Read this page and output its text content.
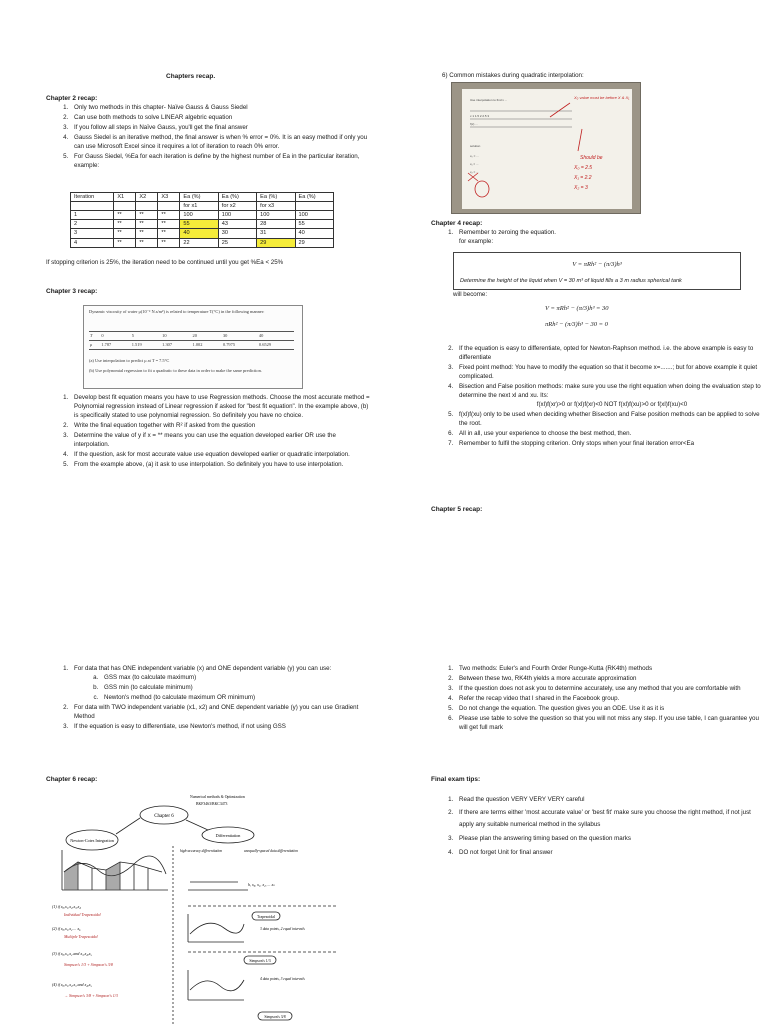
Chapters recap.
Chapter 2 recap:
1. Only two methods in this chapter- Naïve Gauss & Gauss Siedel
2. Can use both methods to solve LINEAR algebric equation
3. If you follow all steps in Naïve Gauss, you'll get the final answer
4. Gauss Siedel is an iterative method, the final answer is when % error = 0%. It is an easy method if only you can use Microsoft Excel since it requires a lot of iteration to reach 0% error.
5. For Gauss Siedel, %Ea for each iteration is define by the highest number of Ea in the particular iteration, example:
Iteration	X1	X2	X3	Ea (%)	Ea (%)	Ea (%)	Ea (%)
				for x1	for x2	for x3	
1	**	**	**	100	100	100	100
2	**	**	**	55	43	28	55
3	**	**	**	40	30	31	40
4	**	**	**	22	25	29	29
If stopping criterion is 25%, the iteration need to be continued until you get %Ea < 25%
Chapter 3 recap:
Dynamic viscosity of water μ(10⁻³ N.s/m²) is related to temperature T(°C) in the following manner:
T	0	5	10	20	30	40
μ	1.787	1.519	1.307	1.002	0.7975	0.6529
(a) Use interpolation to predict μ at T = 7.5°C
(b) Use polynomial regression to fit a quadratic to these data in order to make the same prediction.
1. Develop best fit equation means you have to use Regression methods. Choose the most accurate method = Polynomial regression instead of Linear regression if asked for "best fit equation". In the example above, (b) is specifically stated to use polynomial regression. So definitely you have no choice.
2. Write the final equation together with R² if asked from the question
3. Determine the value of y if x = ** means you can use the equation developed earlier OR use the interpolation.
4. If the question, ask for most accurate value use equation developed earlier or quadratic interpolation.
5. From the example above, (a) it ask to use interpolation. So definitely you have to use interpolation.
1. For data that has ONE independent variable (x) and ONE dependent variable (y) you can use:
a. GSS max (to calculate maximum)
b. GSS min (to calculate minimum)
c. Newton's method (to calculate maximum OR minimum)
2. For data with TWO independent variable (x1, x2) and ONE dependent variable (y) you can use Gradient Method
3. If the equation is easy to differentiate, use Newton's method, if not using GSS
Chapter 6 recap:
Chapter 6
Numerical methods & Optimization
BKF3463/BKC3473
Newton-Cotes Integration
Differentiation
(1) if x₀,x₁,x₂,x₃,x₄
Individual Trapezoidal
(2) if x₀,x₁,x₂ ... x₆
Multiple Trapezoidal
(3) if x₀,x₁,x₂ and x₃,x₄,x₅
Simpson's 1/3 + Simpson's 3/8
(4) if x₀,x₁,x₂,x₃ and x₄,x₅
→ Simpson's 3/8 + Simpson's 1/3
high-accuracy differentiation	unequally-spaced data differentiation
h, x₀, x₁, x₂, ... xₙ
Trapezoidal
3 data points, 2 equal intervals
Simpson's 1/3
4 data points, 3 equal intervals
Simpson's 3/8
6) Common mistakes during quadratic interpolation:
Use interpolation to find x ...
x 1 1.5 2 2.5 3
f(x) ...
solution
x₀ = ...
x₁ = ...
x₂ = ...
X₀ value must be before X & X₁
Should be
X₀ = 2.5
X₁ = 2.2
X₂ = 3
Chapter 4 recap:
1. Remember to zeroing the equation.
for example:
V = πRh² − (π/3)h³
Determine the height of the liquid when V = 30 m³ of liquid fills a 3 m radius spherical tank
will become:
V = πRh² − (π/3)h³ = 30
πRh² − (π/3)h³ − 30 = 0
2. If the equation is easy to differentiate, opted for Newton-Raphson method. i.e. the above example is easy to differentiate
3. Fixed point method: You have to modify the equation so that it become x=.......; but for above example it quiet complicated.
4. Bisection and False position methods: make sure you use the right equation when doing the evaluation step to determine the next xl and xu. Its:

f(xl)f(xr)>0 or f(xl)f(xr)<0 NOT f(xl)f(xu)>0 or f(xl)f(xu)<0
5. f(xl)f(xu) only to be used when deciding whether Bisection and False position methods can be applied to solve the root.
6. All in all, use your experience to choose the best method, then.
7. Remember to fulfil the stopping criterion. Only stops when your final iteration error<Ea
Chapter 5 recap:
1. Two methods: Euler's and Fourth Order Runge-Kutta (RK4th) methods
2. Between these two, RK4th yields a more accurate approximation
3. If the question does not ask you to determine accurately, use any method that you are comfortable with
4. Refer the recap video that I shared in the Facebook group.
5. Do not change the equation. The question gives you an ODE. Use it as it is
6. Please use table to solve the question so that you will not miss any step. If you use table, I can guarantee you will get full mark
Final exam tips:
1. Read the question VERY VERY VERY careful
2. If there are terms either 'most accurate value' or 'best fit' make sure you choose the right method, if not just apply any suitable numerical method in the syllabus
3. Please plan the answering timing based on the question marks
4. DO not forget Unit for final answer
